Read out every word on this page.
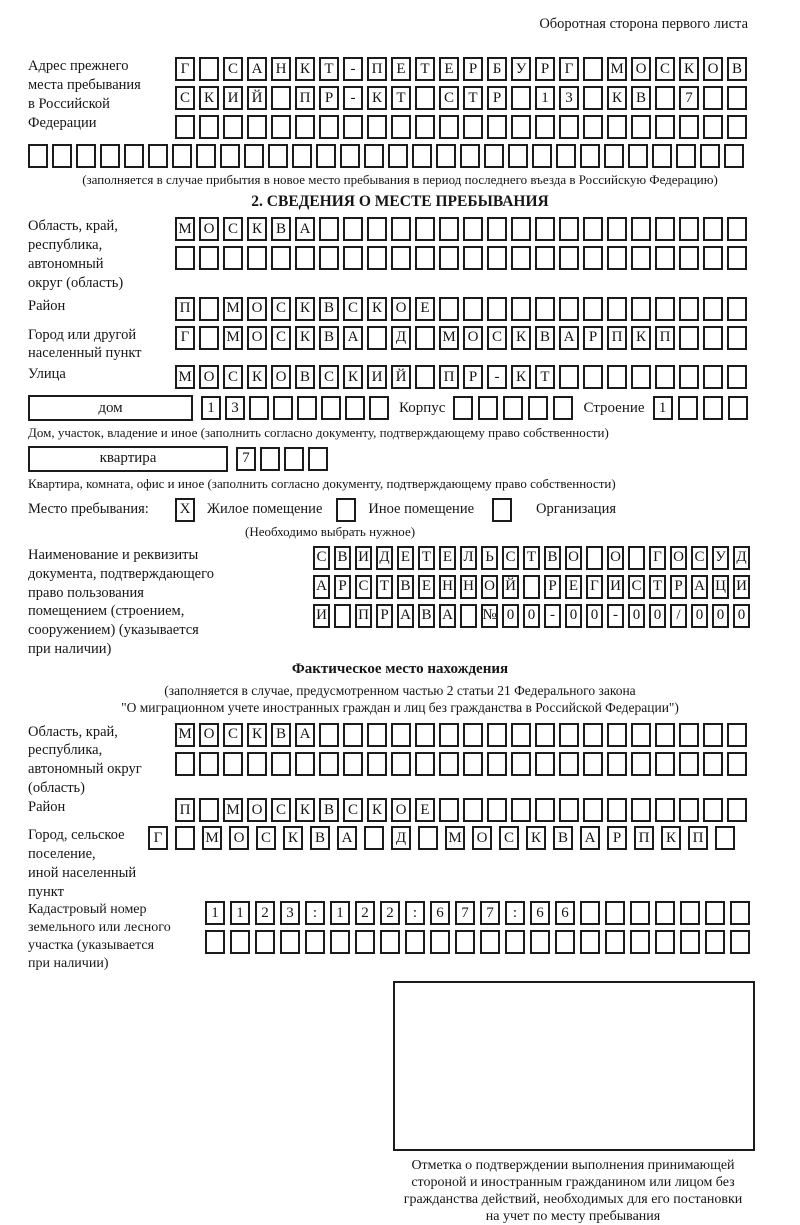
Оборотная сторона первого листа
Адрес прежнего
места пребывания
в Российской
Федерации
Г	С А Н К Т	-	П Е Т Е	Р	Б У Р	Г	М О С К О В
С К И Й	П Р	-	К Т	С Т	Р	1	3	К В	7
(заполняется в случае прибытия в новое место пребывания в период последнего въезда в Российскую Федерацию)
2. СВЕДЕНИЯ О МЕСТЕ ПРЕБЫВАНИЯ
Область, край,
республика,
автономный
округ (область)
М О С К В А
Район	П	М О С К В С К О Е
Город или другой
населенный пункт
Г	М О С К В А	Д	М О С К В А Р П К П
Улица	М О С К О В С К И Й	П Р	-	К Т
дом	1	3	Корпус	Строение 1
Дом, участок, владение и иное (заполнить согласно документу, подтверждающему право собственности)
квартира	7
Квартира, комната, офис и иное (заполнить согласно документу, подтверждающему право собственности)
Место пребывания:	X	Жилое помещение	Иное помещение	Организация
(Необходимо выбрать нужное)
Наименование и реквизиты
документа, подтверждающего
право пользования
помещением (строением,
сооружением) (указывается
при наличии)
С В И Д Е Т Е Л Ь С Т В О О Г О С У Д
А Р С Т В Е Н Н О Й Р Е Г И С Т Р А Ц И
И П Р А В А № 0 0 - 0 0 - 0 0	/	0 0 0
Фактическое место нахождения
(заполняется в случае, предусмотренном частью 2 статьи 21 Федерального закона
"О миграционном учете иностранных граждан и лиц без гражданства в Российской Федерации")
Область, край,
республика,
автономный округ
(область)
М О С К В А
Район	П	М О С К В С К О Е
Город, сельское поселение,
иной населенный пункт
Г	М О	С	К	В	А	Д	М О	С	К	В	А	Р	П	К	П
Кадастровый номер
земельного или лесного
участка (указывается
при наличии)
1	1	2	3	:	1	2	2	:	6	7	7	:	6	6
Отметка о подтверждении выполнения принимающей
стороной и иностранным гражданином или лицом без
гражданства действий, необходимых для его постановки
на учет по месту пребывания
